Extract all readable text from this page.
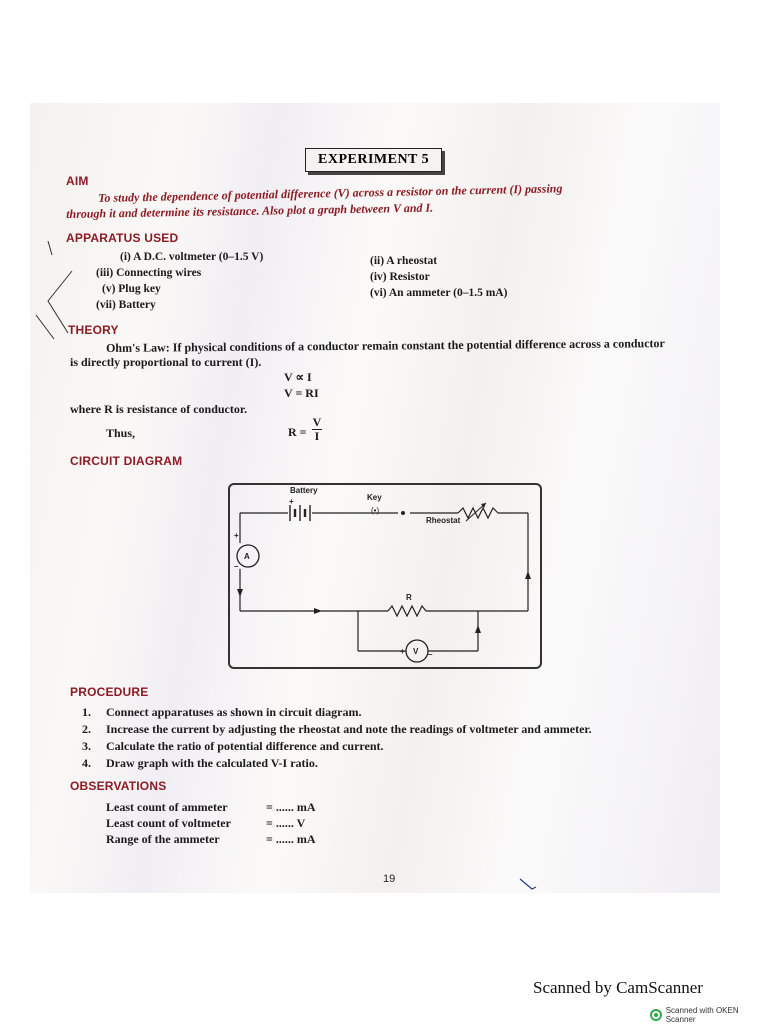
EXPERIMENT 5
AIM
To study the dependence of potential difference (V) across a resistor on the current (I) passing
through it and determine its resistance. Also plot a graph between V and I.
APPARATUS USED
(i) A D.C. voltmeter (0–1.5 V)
(iii) Connecting wires
(v) Plug key
(vii) Battery
(ii) A rheostat
(iv) Resistor
(vi) An ammeter (0–1.5 mA)
THEORY
Ohm's Law: If physical conditions of a conductor remain constant the potential difference across a conductor
is directly proportional to current (I).
V ∝ I
V = RI
where R is resistance of conductor.
Thus,	R =
V
I
CIRCUIT DIAGRAM
Battery
Key
(•)
Rheostat
+
+
–
A
R
V
+	–
PROCEDURE
1. Connect apparatuses as shown in circuit diagram.
2. Increase the current by adjusting the rheostat and note the readings of voltmeter and ammeter.
3. Calculate the ratio of potential difference and current.
4. Draw graph with the calculated V-I ratio.
OBSERVATIONS
Least count of ammeter	= ...... mA
Least count of voltmeter	= ...... V
Range of the ammeter	= ...... mA
19
Scanned by CamScanner
Scanned with OKEN Scanner
